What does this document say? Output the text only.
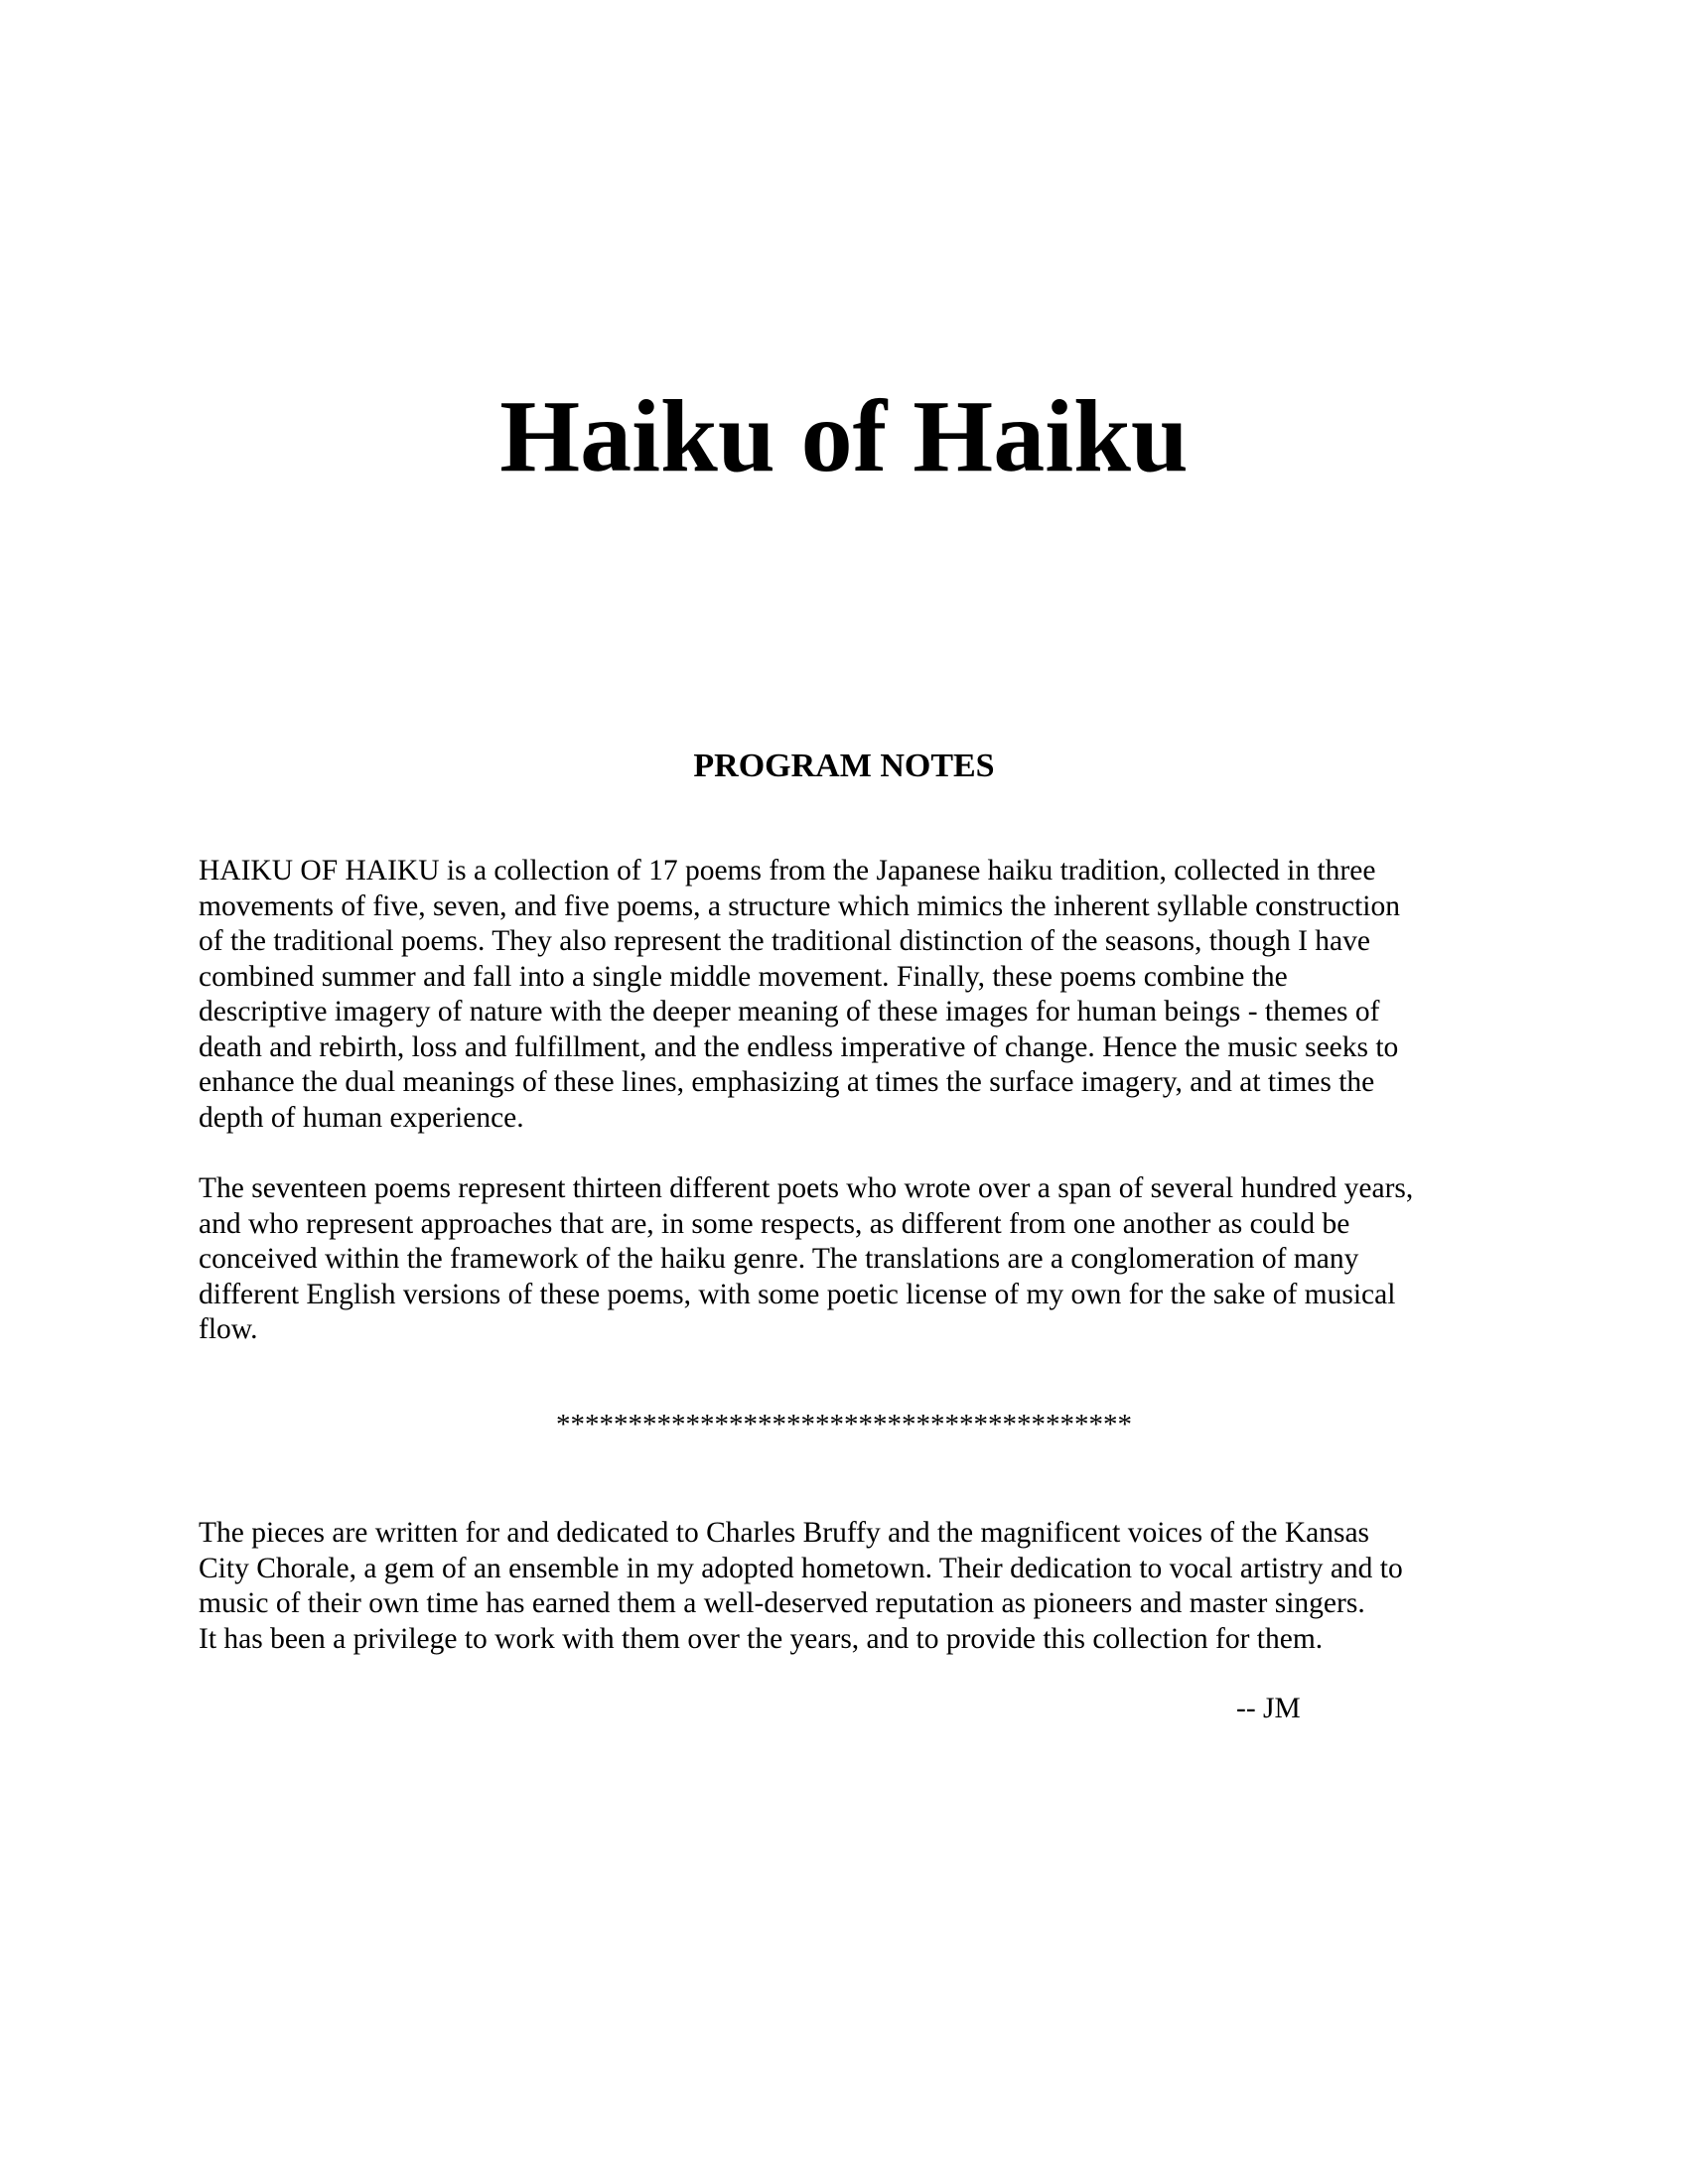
Haiku of Haiku
PROGRAM NOTES

HAIKU OF HAIKU is a collection of 17 poems from the Japanese haiku tradition, collected in three
movements of five, seven, and five poems, a structure which mimics the inherent syllable construction
of the traditional poems. They also represent the traditional distinction of the seasons, though I have
combined summer and fall into a single middle movement. Finally, these poems combine the
descriptive imagery of nature with the deeper meaning of these images for human beings - themes of
death and rebirth, loss and fulfillment, and the endless imperative of change. Hence the music seeks to
enhance the dual meanings of these lines, emphasizing at times the surface imagery, and at times the
depth of human experience.

The seventeen poems represent thirteen different poets who wrote over a span of several hundred years,
and who represent approaches that are, in some respects, as different from one another as could be
conceived within the framework of the haiku genre. The translations are a conglomeration of many
different English versions of these poems, with some poetic license of my own for the sake of musical
flow.

****************************************

The pieces are written for and dedicated to Charles Bruffy and the magnificent voices of the Kansas
City Chorale, a gem of an ensemble in my adopted hometown. Their dedication to vocal artistry and to
music of their own time has earned them a well-deserved reputation as pioneers and master singers.
It has been a privilege to work with them over the years, and to provide this collection for them.

-- JM
